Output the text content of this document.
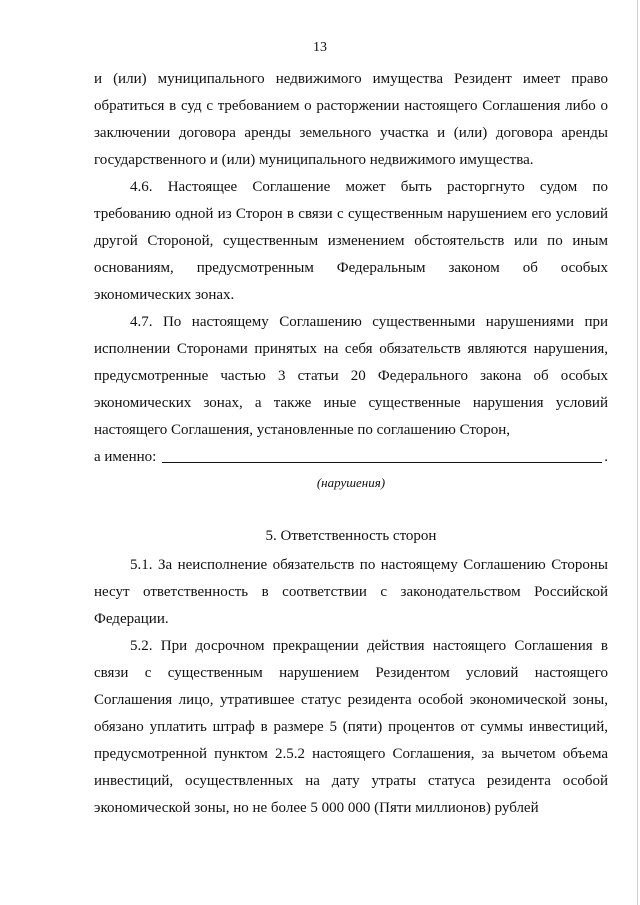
13

и (или) муниципального недвижимого имущества Резидент имеет право обратиться в суд с требованием о расторжении настоящего Соглашения либо о заключении договора аренды земельного участка и (или) договора аренды государственного и (или) муниципального недвижимого имущества.

4.6. Настоящее Соглашение может быть расторгнуто судом по требованию одной из Сторон в связи с существенным нарушением его условий другой Стороной, существенным изменением обстоятельств или по иным основаниям, предусмотренным Федеральным законом об особых экономических зонах.

4.7. По настоящему Соглашению существенными нарушениями при исполнении Сторонами принятых на себя обязательств являются нарушения, предусмотренные частью 3 статьи 20 Федерального закона об особых экономических зонах, а также иные существенные нарушения условий настоящего Соглашения, установленные по соглашению Сторон,

а именно:	.
(нарушения)
5. Ответственность сторон

5.1. За неисполнение обязательств по настоящему Соглашению Стороны несут ответственность в соответствии с законодательством Российской Федерации.

5.2. При досрочном прекращении действия настоящего Соглашения в связи с существенным нарушением Резидентом условий настоящего Соглашения лицо, утратившее статус резидента особой экономической зоны, обязано уплатить штраф в размере 5 (пяти) процентов от суммы инвестиций, предусмотренной пунктом 2.5.2 настоящего Соглашения, за вычетом объема инвестиций, осуществленных на дату утраты статуса резидента особой экономической зоны, но не более 5 000 000 (Пяти миллионов) рублей
